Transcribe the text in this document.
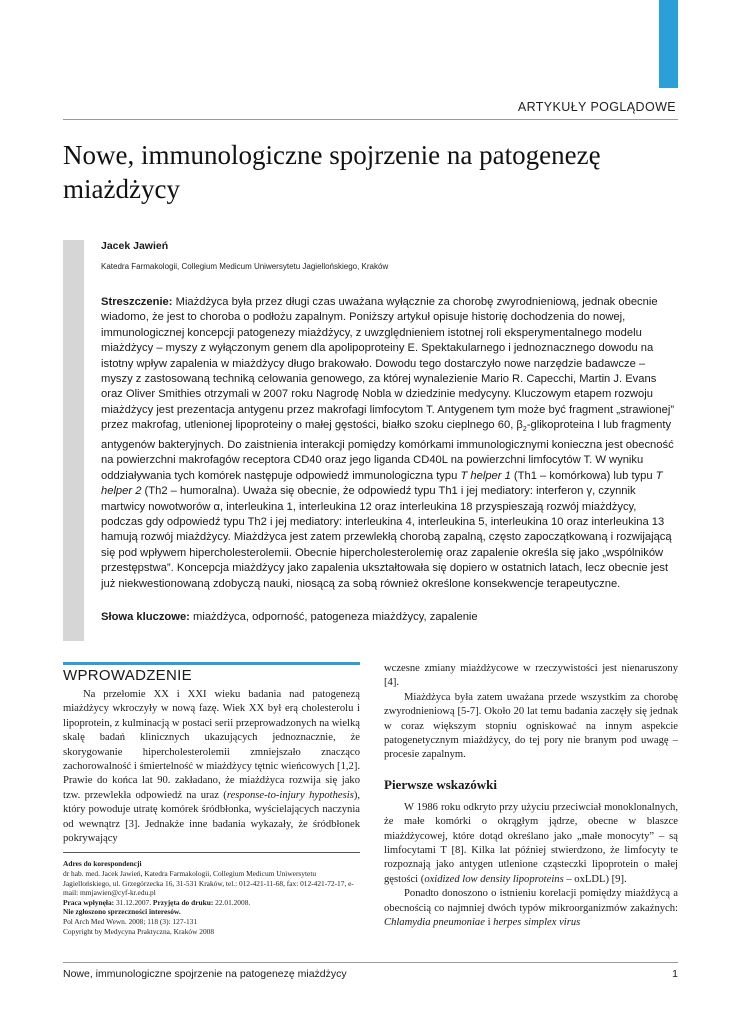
ARTYKUŁY POGLĄDOWE
Nowe, immunologiczne spojrzenie na patogenezę miażdżycy
Jacek Jawień
Katedra Farmakologii, Collegium Medicum Uniwersytetu Jagiellońskiego, Kraków
Streszczenie: Miażdżyca była przez długi czas uważana wyłącznie za chorobę zwyrodnieniową, jednak obecnie wiadomo, że jest to choroba o podłożu zapalnym. Poniższy artykuł opisuje historię dochodzenia do nowej, immunologicznej koncepcji patogenezy miażdżycy, z uwzględnieniem istotnej roli eksperymentalnego modelu miażdżycy – myszy z wyłączonym genem dla apolipoproteiny E. Spektakularnego i jednoznacznego dowodu na istotny wpływ zapalenia w miażdżycy długo brakowało. Dowodu tego dostarczyło nowe narzędzie badawcze – myszy z zastosowaną techniką celowania genowego, za której wynalezienie Mario R. Capecchi, Martin J. Evans oraz Oliver Smithies otrzymali w 2007 roku Nagrodę Nobla w dziedzinie medycyny. Kluczowym etapem rozwoju miażdżycy jest prezentacja antygenu przez makrofagi limfocytom T. Antygenem tym może być fragment „strawionej” przez makrofag, utlenionej lipoproteiny o małej gęstości, białko szoku cieplnego 60, $\beta_2$-glikoproteina I lub fragmenty antygenów bakteryjnych. Do zaistnienia interakcji pomiędzy komórkami immunologicznymi konieczna jest obecność na powierzchni makrofagów receptora CD40 oraz jego liganda CD40L na powierzchni limfocytów T. W wyniku oddziaływania tych komórek następuje odpowiedź immunologiczna typu T helper 1 (Th1 – komórkowa) lub typu T helper 2 (Th2 – humoralna). Uważa się obecnie, że odpowiedź typu Th1 i jej mediatory: interferon γ, czynnik martwicy nowotworów α, interleukina 1, interleukina 12 oraz interleukina 18 przyspieszają rozwój miażdżycy, podczas gdy odpowiedź typu Th2 i jej mediatory: interleukina 4, interleukina 5, interleukina 10 oraz interleukina 13 hamują rozwój miażdżycy. Miażdżyca jest zatem przewlekłą chorobą zapalną, często zapoczątkowaną i rozwijającą się pod wpływem hipercholesterolemii. Obecnie hipercholesterolemię oraz zapalenie określa się jako „wspólników przestępstwa”. Koncepcja miażdżycy jako zapalenia ukształtowała się dopiero w ostatnich latach, lecz obecnie jest już niekwestionowaną zdobyczą nauki, niosącą za sobą również określone konsekwencje terapeutyczne.
Słowa kluczowe: miażdżyca, odporność, patogeneza miażdżycy, zapalenie
WPROWADZENIE

Na przełomie XX i XXI wieku badania nad patogenezą miażdżycy wkroczyły w nową fazę. Wiek XX był erą cholesterolu i lipoprotein, z kulminacją w postaci serii przeprowadzonych na wielką skalę badań klinicznych ukazujących jednoznacznie, że skorygowanie hipercholesterolemii zmniejszało znacząco zachorowalność i śmiertelność w miażdżycy tętnic wieńcowych [1,2]. Prawie do końca lat 90. zakładano, że miażdżyca rozwija się jako tzw. przewlekła odpowiedź na uraz (response-to-injury hypothesis), który powoduje utratę komórek śródbłonka, wyścielających naczynia od wewnątrz [3]. Jednakże inne badania wykazały, że śródbłonek pokrywający

Adres do korespondencji
dr hab. med. Jacek Jawień, Katedra Farmakologii, Collegium Medicum Uniwersytetu Jagiellońskiego, ul. Grzegórzecka 16, 31-531 Kraków, tel.: 012-421-11-68, fax: 012-421-72-17, e-mail: mmjawien@cyf-kr.edu.pl
Praca wpłynęła: 31.12.2007. Przyjęta do druku: 22.01.2008.
Nie zgłoszono sprzeczności interesów.
Pol Arch Med Wewn. 2008; 118 (3): 127-131
Copyright by Medycyna Praktyczna, Kraków 2008

wczesne zmiany miażdżycowe w rzeczywistości jest nienaruszony [4].

Miażdżyca była zatem uważana przede wszystkim za chorobę zwyrodnieniową [5-7]. Około 20 lat temu badania zaczęły się jednak w coraz większym stopniu ogniskować na innym aspekcie patogenetycznym miażdżycy, do tej pory nie branym pod uwagę – procesie zapalnym.

Pierwsze wskazówki

W 1986 roku odkryto przy użyciu przeciwciał monoklonalnych, że małe komórki o okrągłym jądrze, obecne w blaszce miażdżycowej, które dotąd określano jako „małe monocyty” – są limfocytami T [8]. Kilka lat później stwierdzono, że limfocyty te rozpoznają jako antygen utlenione cząsteczki lipoprotein o małej gęstości (oxidized low density lipoproteins – oxLDL) [9].

Ponadto donoszono o istnieniu korelacji pomiędzy miażdżycą a obecnością co najmniej dwóch typów mikroorganizmów zakaźnych: Chlamydia pneumoniae i herpes simplex virus

Nowe, immunologiczne spojrzenie na patogenezę miażdżycy	1
